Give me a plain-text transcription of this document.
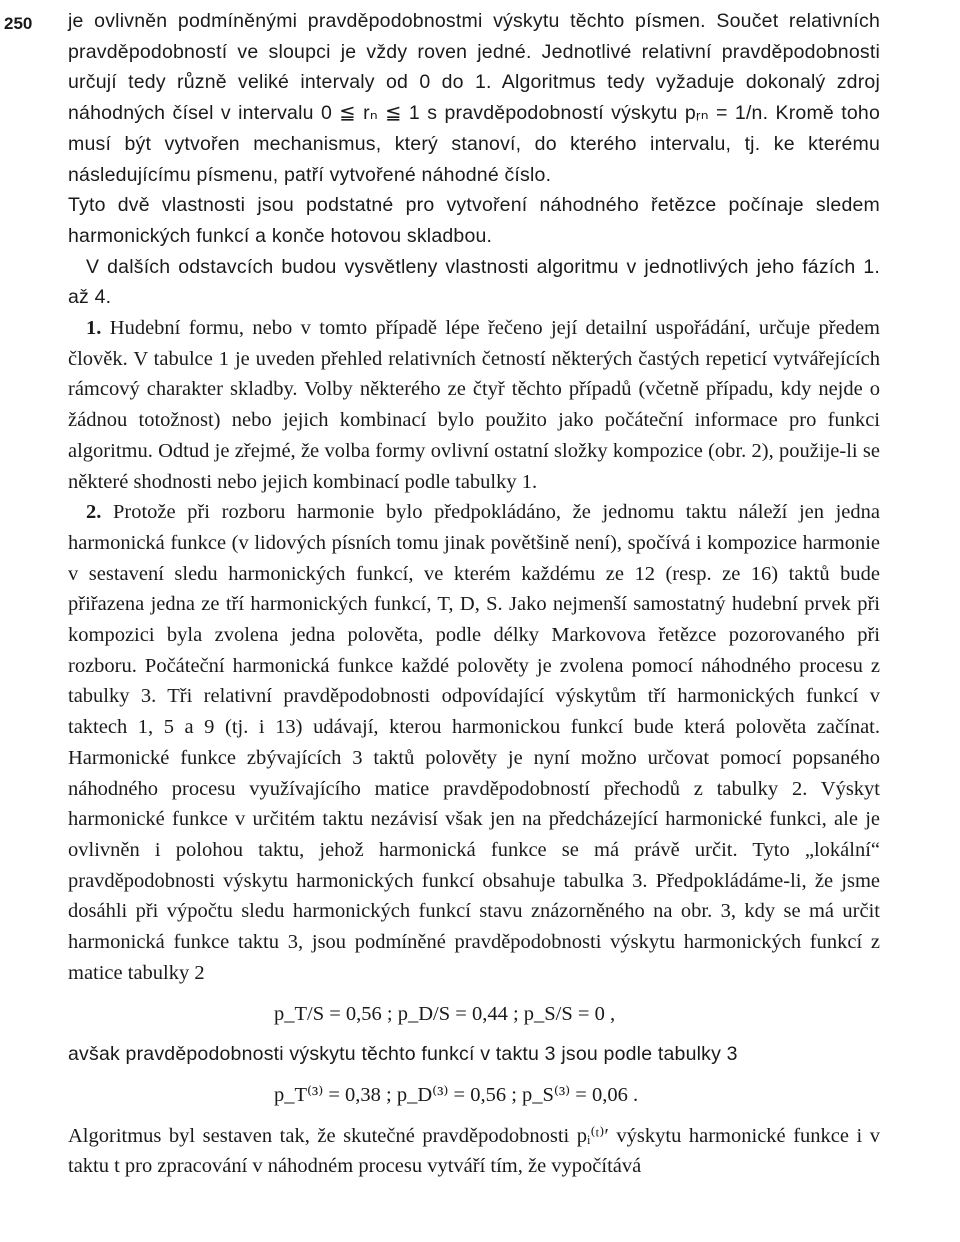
250 je ovlivněn podmíněnými pravděpodobnostmi výskytu těchto písmen. Součet relativních pravděpodobností ve sloupci je vždy roven jedné. Jednotlivé relativní pravděpodobnosti určují tedy různě veliké intervaly od 0 do 1. Algoritmus tedy vyžaduje dokonalý zdroj náhodných čísel v intervalu 0 ≦ rₙ ≦ 1 s pravděpodobností výskytu pᵣₙ = 1/n. Kromě toho musí být vytvořen mechanismus, který stanoví, do kterého intervalu, tj. ke kterému následujícímu písmenu, patří vytvořené náhodné číslo.

Tyto dvě vlastnosti jsou podstatné pro vytvoření náhodného řetězce počínaje sledem harmonických funkcí a konče hotovou skladbou.

V dalších odstavcích budou vysvětleny vlastnosti algoritmu v jednotlivých jeho fázích 1. až 4.

1. Hudební formu, nebo v tomto případě lépe řečeno její detailní uspořádání, určuje předem člověk. V tabulce 1 je uveden přehled relativních četností některých častých repeticí vytvářejících rámcový charakter skladby. Volby některého ze čtyř těchto případů (včetně případu, kdy nejde o žádnou totožnost) nebo jejich kombinací bylo použito jako počáteční informace pro funkci algoritmu. Odtud je zřejmé, že volba formy ovlivní ostatní složky kompozice (obr. 2), použije-li se některé shodnosti nebo jejich kombinací podle tabulky 1.

2. Protože při rozboru harmonie bylo předpokládáno, že jednomu taktu náleží jen jedna harmonická funkce (v lidových písních tomu jinak povětšině není), spočívá i kompozice harmonie v sestavení sledu harmonických funkcí, ve kterém každému ze 12 (resp. ze 16) taktů bude přiřazena jedna ze tří harmonických funkcí, T, D, S. Jako nejmenší samostatný hudební prvek při kompozici byla zvolena jedna polověta, podle délky Markovova řetězce pozorovaného při rozboru. Počáteční harmonická funkce každé polověty je zvolena pomocí náhodného procesu z tabulky 3. Tři relativní pravděpodobnosti odpovídající výskytům tří harmonických funkcí v taktech 1, 5 a 9 (tj. i 13) udávají, kterou harmonickou funkcí bude která polověta začínat. Harmonické funkce zbývajících 3 taktů polověty je nyní možno určovat pomocí popsaného náhodného procesu využívajícího matice pravděpodobností přechodů z tabulky 2. Výskyt harmonické funkce v určitém taktu nezávisí však jen na předcházející harmonické funkci, ale je ovlivněn i polohou taktu, jehož harmonická funkce se má právě určit. Tyto „lokální“ pravděpodobnosti výskytu harmonických funkcí obsahuje tabulka 3. Předpokládáme-li, že jsme dosáhli při výpočtu sledu harmonických funkcí stavu znázorněného na obr. 3, kdy se má určit harmonická funkce taktu 3, jsou podmíněné pravděpodobnosti výskytu harmonických funkcí z matice tabulky 2

p_T/S = 0,56 ; p_D/S = 0,44 ; p_S/S = 0 ,

avšak pravděpodobnosti výskytu těchto funkcí v taktu 3 jsou podle tabulky 3

p_T⁽³⁾ = 0,38 ; p_D⁽³⁾ = 0,56 ; p_S⁽³⁾ = 0,06 .

Algoritmus byl sestaven tak, že skutečné pravděpodobnosti pᵢ⁽ᵗ⁾′ výskytu harmonické funkce i v taktu t pro zpracování v náhodném procesu vytváří tím, že vypočítává
